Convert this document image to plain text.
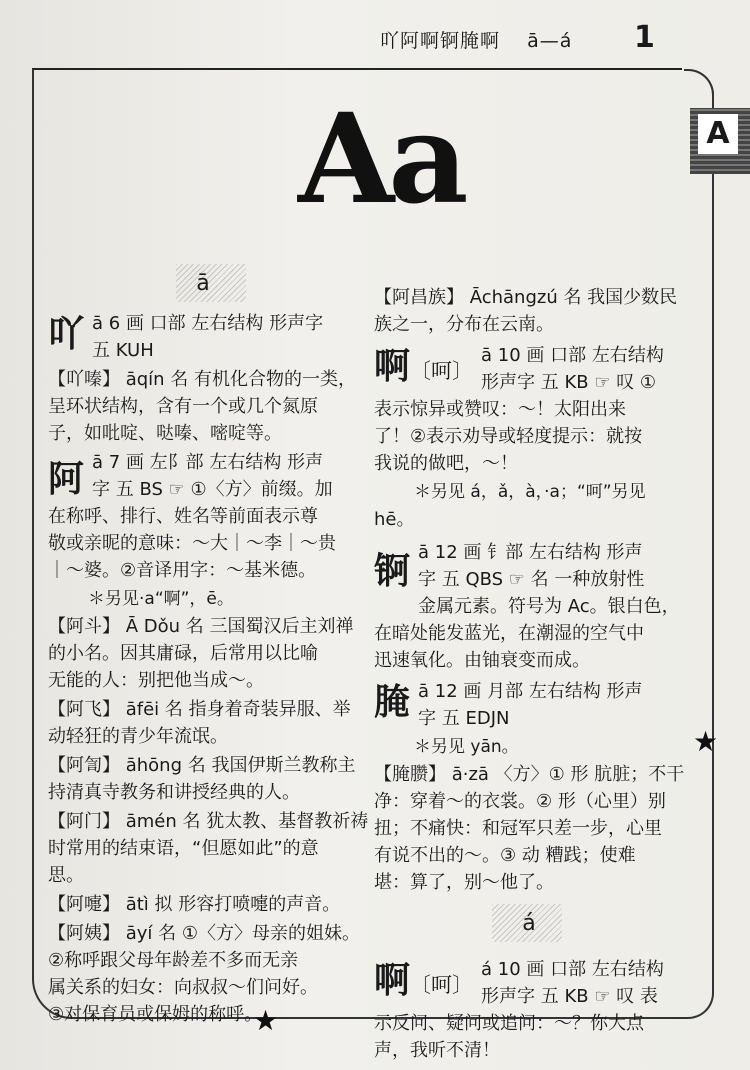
吖阿啊锕腌啊 ā—á 1
A
Aa
★
★
ā
吖 ā 6 画 口部 左右结构 形声字
五 KUH
【吖嗪】 āqín 名 有机化合物的一类，
呈环状结构，含有一个或几个氮原
子，如吡啶、哒嗪、嘧啶等。
阿 ā 7 画 左阝部 左右结构 形声
字 五 BS ☞ ①〈方〉前缀。加
在称呼、排行、姓名等前面表示尊
敬或亲昵的意味：～大｜～李｜～贵
｜～婆。②音译用字：～基米德。
＊另见·a“啊”，ē。
【阿斗】 Ā Dǒu 名 三国蜀汉后主刘禅
的小名。因其庸碌，后常用以比喻
无能的人：别把他当成～。
【阿飞】 āfēi 名 指身着奇装异服、举
动轻狂的青少年流氓。
【阿訇】 āhōng 名 我国伊斯兰教称主
持清真寺教务和讲授经典的人。
【阿门】 āmén 名 犹太教、基督教祈祷
时常用的结束语，“但愿如此”的意
思。
【阿嚏】 ātì 拟 形容打喷嚏的声音。
【阿姨】 āyí 名 ①〈方〉母亲的姐妹。
②称呼跟父母年龄差不多而无亲
属关系的妇女：向叔叔～们问好。
③对保育员或保姆的称呼。
【阿昌族】 Āchāngzú 名 我国少数民
族之一，分布在云南。
啊〔呵〕
ā 10 画 口部 左右结构
形声字 五 KB ☞ 叹 ①
表示惊异或赞叹：～！太阳出来
了！②表示劝导或轻度提示：就按
我说的做吧，～！
＊另见 á，ǎ，à，·a；“呵”另见
hē。
锕 ā 12 画 钅部 左右结构 形声
字 五 QBS ☞ 名 一种放射性
金属元素。符号为 Ac。银白色，
在暗处能发蓝光，在潮湿的空气中
迅速氧化。由铀衰变而成。
腌 ā 12 画 月部 左右结构 形声
字 五 EDJN
＊另见 yān。
【腌臜】 ā·zā 〈方〉① 形 肮脏；不干
净：穿着～的衣裳。② 形（心里）别
扭；不痛快：和冠军只差一步，心里
有说不出的～。③ 动 糟践；使难
堪：算了，别～他了。
á
啊〔呵〕
á 10 画 口部 左右结构
形声字 五 KB ☞ 叹 表
示反问、疑问或追问：～？你大点
声，我听不清！
